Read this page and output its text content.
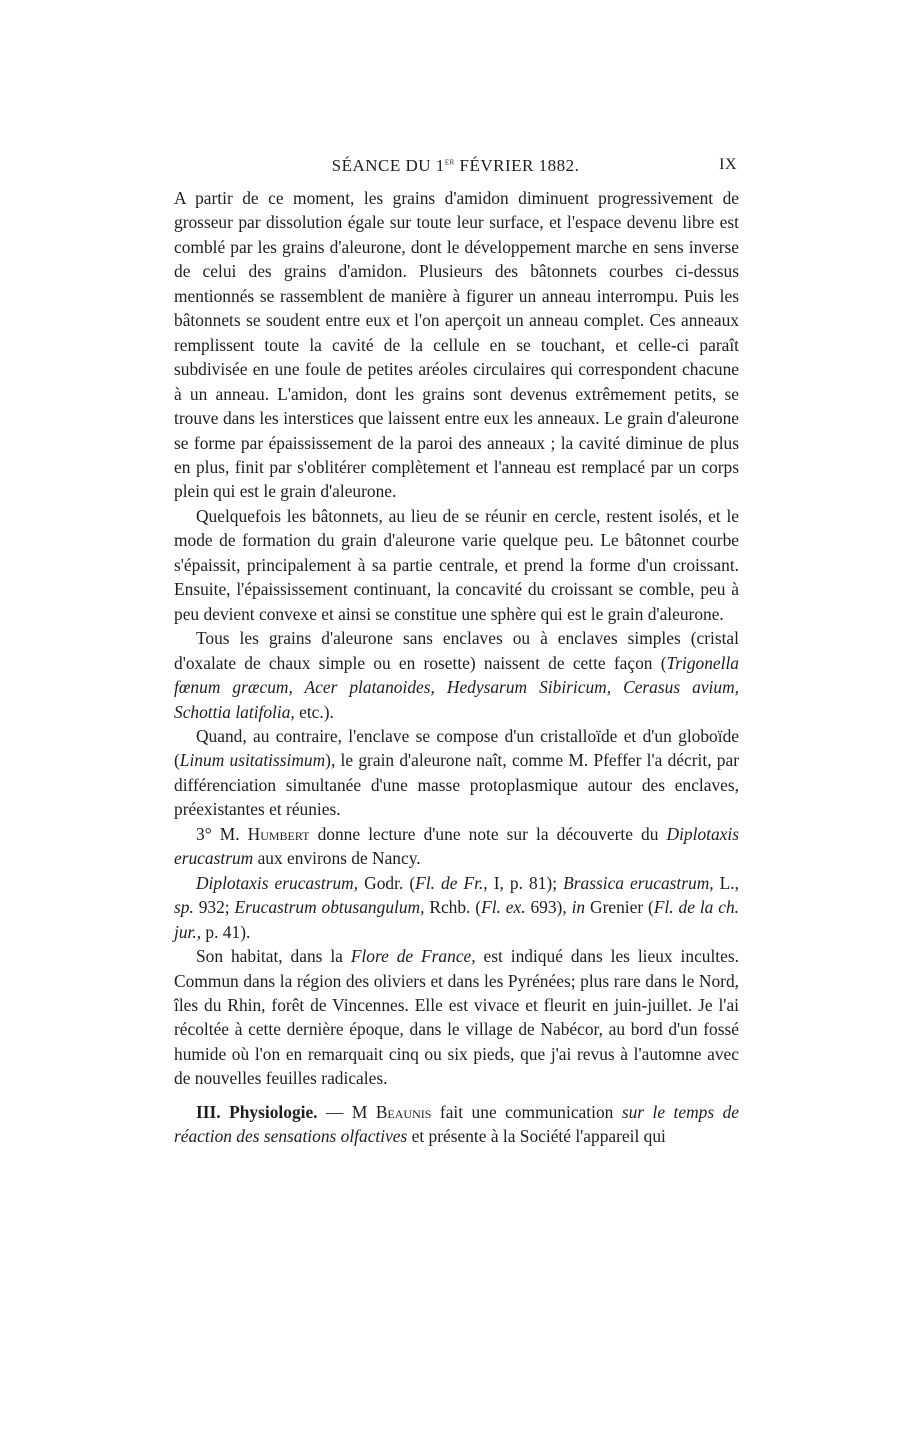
SÉANCE DU 1er FÉVRIER 1882.	IX

A partir de ce moment, les grains d'amidon diminuent progressivement de grosseur par dissolution égale sur toute leur surface, et l'espace devenu libre est comblé par les grains d'aleurone, dont le développement marche en sens inverse de celui des grains d'amidon. Plusieurs des bâtonnets courbes ci-dessus mentionnés se rassemblent de manière à figurer un anneau interrompu. Puis les bâtonnets se soudent entre eux et l'on aperçoit un anneau complet. Ces anneaux remplissent toute la cavité de la cellule en se touchant, et celle-ci paraît subdivisée en une foule de petites aréoles circulaires qui correspondent chacune à un anneau. L'amidon, dont les grains sont devenus extrêmement petits, se trouve dans les interstices que laissent entre eux les anneaux. Le grain d'aleurone se forme par épaississement de la paroi des anneaux ; la cavité diminue de plus en plus, finit par s'oblitérer complètement et l'anneau est remplacé par un corps plein qui est le grain d'aleurone.

Quelquefois les bâtonnets, au lieu de se réunir en cercle, restent isolés, et le mode de formation du grain d'aleurone varie quelque peu. Le bâtonnet courbe s'épaissit, principalement à sa partie centrale, et prend la forme d'un croissant. Ensuite, l'épaississement continuant, la concavité du croissant se comble, peu à peu devient convexe et ainsi se constitue une sphère qui est le grain d'aleurone.

Tous les grains d'aleurone sans enclaves ou à enclaves simples (cristal d'oxalate de chaux simple ou en rosette) naissent de cette façon (Trigonella fœnum græcum, Acer platanoides, Hedysarum Sibiricum, Cerasus avium, Schottia latifolia, etc.).

Quand, au contraire, l'enclave se compose d'un cristalloïde et d'un globoïde (Linum usitatissimum), le grain d'aleurone naît, comme M. Pfeffer l'a décrit, par différenciation simultanée d'une masse protoplasmique autour des enclaves, préexistantes et réunies.

3° M. Humbert donne lecture d'une note sur la découverte du Diplotaxis erucastrum aux environs de Nancy.

Diplotaxis erucastrum, Godr. (Fl. de Fr., I, p. 81); Brassica erucastrum, L., sp. 932; Erucastrum obtusangulum, Rchb. (Fl. ex. 693), in Grenier (Fl. de la ch. jur., p. 41).

Son habitat, dans la Flore de France, est indiqué dans les lieux incultes. Commun dans la région des oliviers et dans les Pyrénées; plus rare dans le Nord, îles du Rhin, forêt de Vincennes. Elle est vivace et fleurit en juin-juillet. Je l'ai récoltée à cette dernière époque, dans le village de Nabécor, au bord d'un fossé humide où l'on en remarquait cinq ou six pieds, que j'ai revus à l'automne avec de nouvelles feuilles radicales.

III. Physiologie. — M Beaunis fait une communication sur le temps de réaction des sensations olfactives et présente à la Société l'appareil qui
